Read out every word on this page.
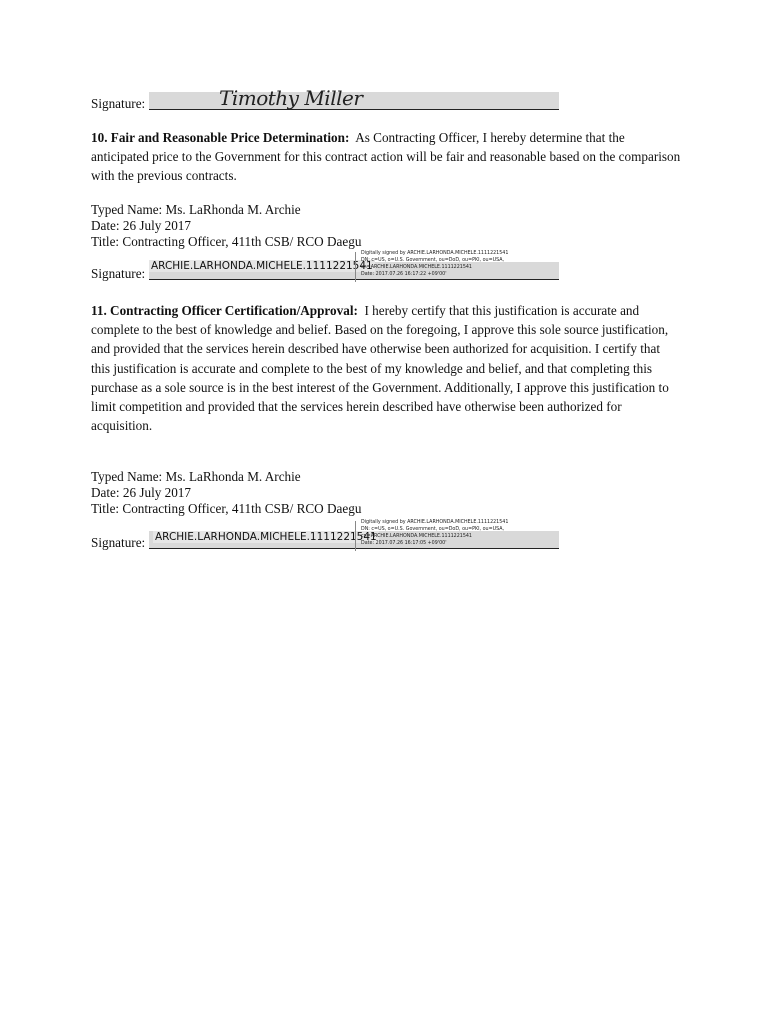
Signature:	Timothy Miller
10. Fair and Reasonable Price Determination: As Contracting Officer, I hereby determine that the anticipated price to the Government for this contract action will be fair and reasonable based on the comparison with the previous contracts.
Typed Name: Ms. LaRhonda M. Archie
Date: 26 July 2017
Title: Contracting Officer, 411th CSB/ RCO Daegu
Signature: ARCHIE.LARHONDA.MICHELE.1111221541
Digitally signed by ARCHIE.LARHONDA.MICHELE.1111221541
DN: c=US, o=U.S. Government, ou=DoD, ou=PKI, ou=USA,
cn=ARCHIE.LARHONDA.MICHELE.1111221541
Date: 2017.07.26 16:17:22 +09'00'
11. Contracting Officer Certification/Approval: I hereby certify that this justification is accurate and complete to the best of knowledge and belief. Based on the foregoing, I approve this sole source justification, and provided that the services herein described have otherwise been authorized for acquisition. I certify that this justification is accurate and complete to the best of my knowledge and belief, and that completing this purchase as a sole source is in the best interest of the Government. Additionally, I approve this justification to limit competition and provided that the services herein described have otherwise been authorized for acquisition.
Typed Name: Ms. LaRhonda M. Archie
Date: 26 July 2017
Title: Contracting Officer, 411th CSB/ RCO Daegu
Signature: ARCHIE.LARHONDA.MICHELE.1111221541
Digitally signed by ARCHIE.LARHONDA.MICHELE.1111221541
DN: c=US, o=U.S. Government, ou=DoD, ou=PKI, ou=USA,
cn=ARCHIE.LARHONDA.MICHELE.1111221541
Date: 2017.07.26 16:17:05 +09'00'
